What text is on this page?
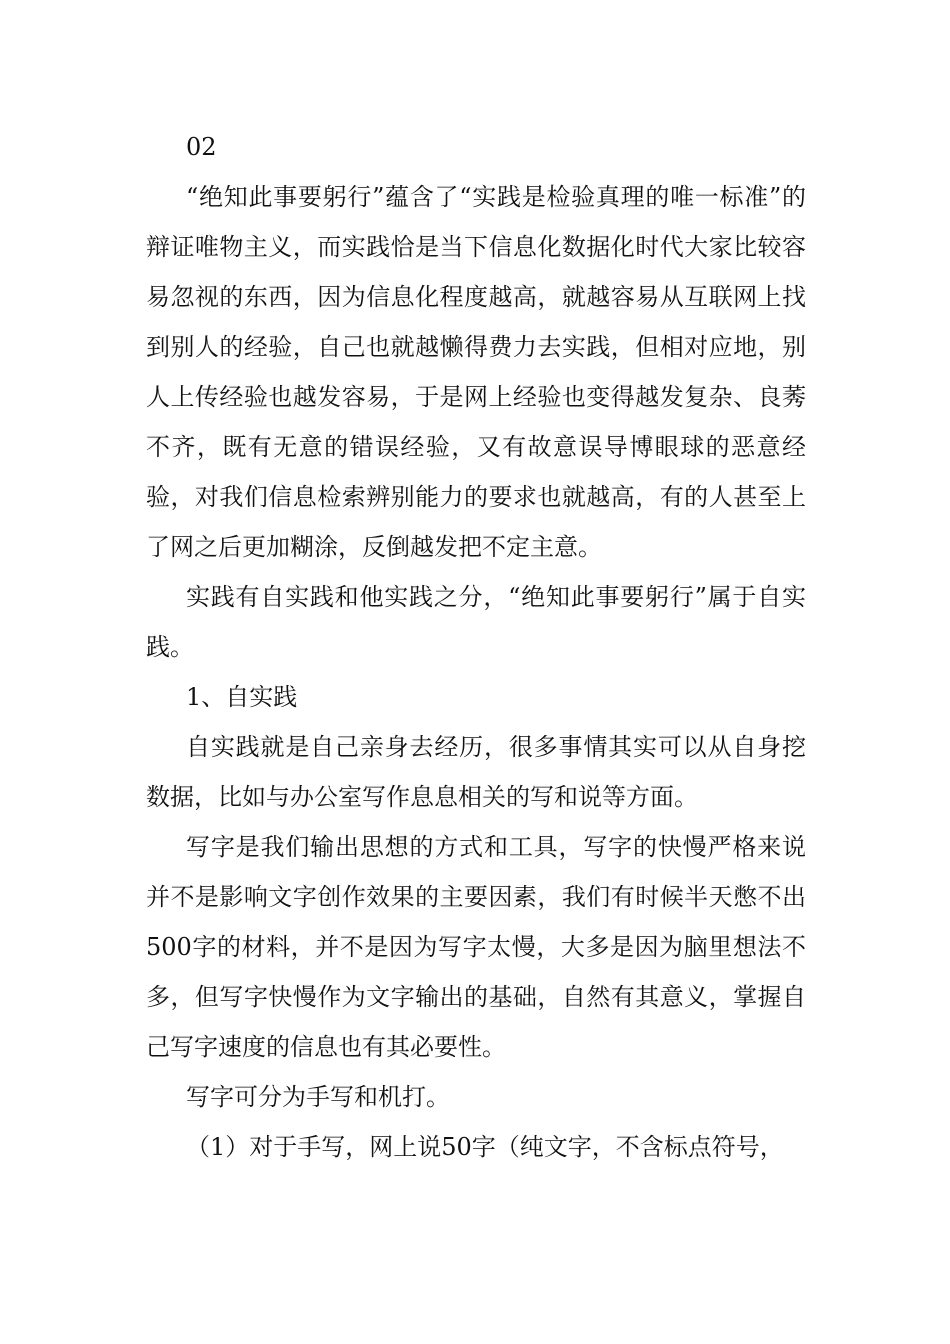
02

“绝知此事要躬行”蕴含了“实践是检验真理的唯一标准”的辩证唯物主义，而实践恰是当下信息化数据化时代大家比较容易忽视的东西，因为信息化程度越高，就越容易从互联网上找到别人的经验，自己也就越懒得费力去实践，但相对应地，别人上传经验也越发容易，于是网上经验也变得越发复杂、良莠不齐，既有无意的错误经验，又有故意误导博眼球的恶意经验，对我们信息检索辨别能力的要求也就越高，有的人甚至上了网之后更加糊涂，反倒越发把不定主意。

实践有自实践和他实践之分，“绝知此事要躬行”属于自实践。

1、自实践

自实践就是自己亲身去经历，很多事情其实可以从自身挖数据，比如与办公室写作息息相关的写和说等方面。

写字是我们输出思想的方式和工具，写字的快慢严格来说并不是影响文字创作效果的主要因素，我们有时候半天憋不出500字的材料，并不是因为写字太慢，大多是因为脑里想法不多，但写字快慢作为文字输出的基础，自然有其意义，掌握自己写字速度的信息也有其必要性。

写字可分为手写和机打。

（1）对于手写，网上说50字（纯文字，不含标点符号，
